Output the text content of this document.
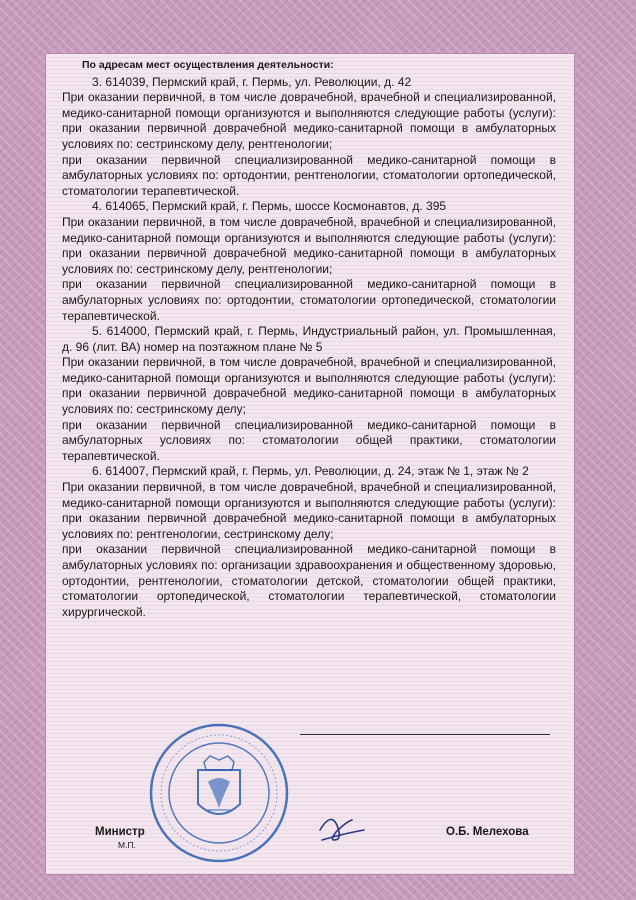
По адресам мест осуществления деятельности:
3. 614039, Пермский край, г. Пермь, ул. Революции, д. 42
При оказании первичной, в том числе доврачебной, врачебной и специализированной, медико-санитарной помощи организуются и выполняются следующие работы (услуги): при оказании первичной доврачебной медико-санитарной помощи в амбулаторных условиях по: сестринскому делу, рентгенологии;
при оказании первичной специализированной медико-санитарной помощи в амбулаторных условиях по: ортодонтии, рентгенологии, стоматологии ортопедической, стоматологии терапевтической.
4. 614065, Пермский край, г. Пермь, шоссе Космонавтов, д. 395
При оказании первичной, в том числе доврачебной, врачебной и специализированной, медико-санитарной помощи организуются и выполняются следующие работы (услуги): при оказании первичной доврачебной медико-санитарной помощи в амбулаторных условиях по: сестринскому делу, рентгенологии;
при оказании первичной специализированной медико-санитарной помощи в амбулаторных условиях по: ортодонтии, стоматологии ортопедической, стоматологии терапевтической.
5. 614000, Пермский край, г. Пермь, Индустриальный район, ул. Промышленная, д. 96 (лит. ВА) номер на поэтажном плане № 5
При оказании первичной, в том числе доврачебной, врачебной и специализированной, медико-санитарной помощи организуются и выполняются следующие работы (услуги): при оказании первичной доврачебной медико-санитарной помощи в амбулаторных условиях по: сестринскому делу;
при оказании первичной специализированной медико-санитарной помощи в амбулаторных условиях по: стоматологии общей практики, стоматологии терапевтической.
6. 614007, Пермский край, г. Пермь, ул. Революции, д. 24, этаж № 1, этаж № 2
При оказании первичной, в том числе доврачебной, врачебной и специализированной, медико-санитарной помощи организуются и выполняются следующие работы (услуги): при оказании первичной доврачебной медико-санитарной помощи в амбулаторных условиях по: рентгенологии, сестринскому делу;
при оказании первичной специализированной медико-санитарной помощи в амбулаторных условиях по: организации здравоохранения и общественному здоровью, ортодонтии, рентгенологии, стоматологии детской, стоматологии общей практики, стоматологии ортопедической, стоматологии терапевтической, стоматологии хирургической.
Министр
М.П.
О.Б. Мелехова
